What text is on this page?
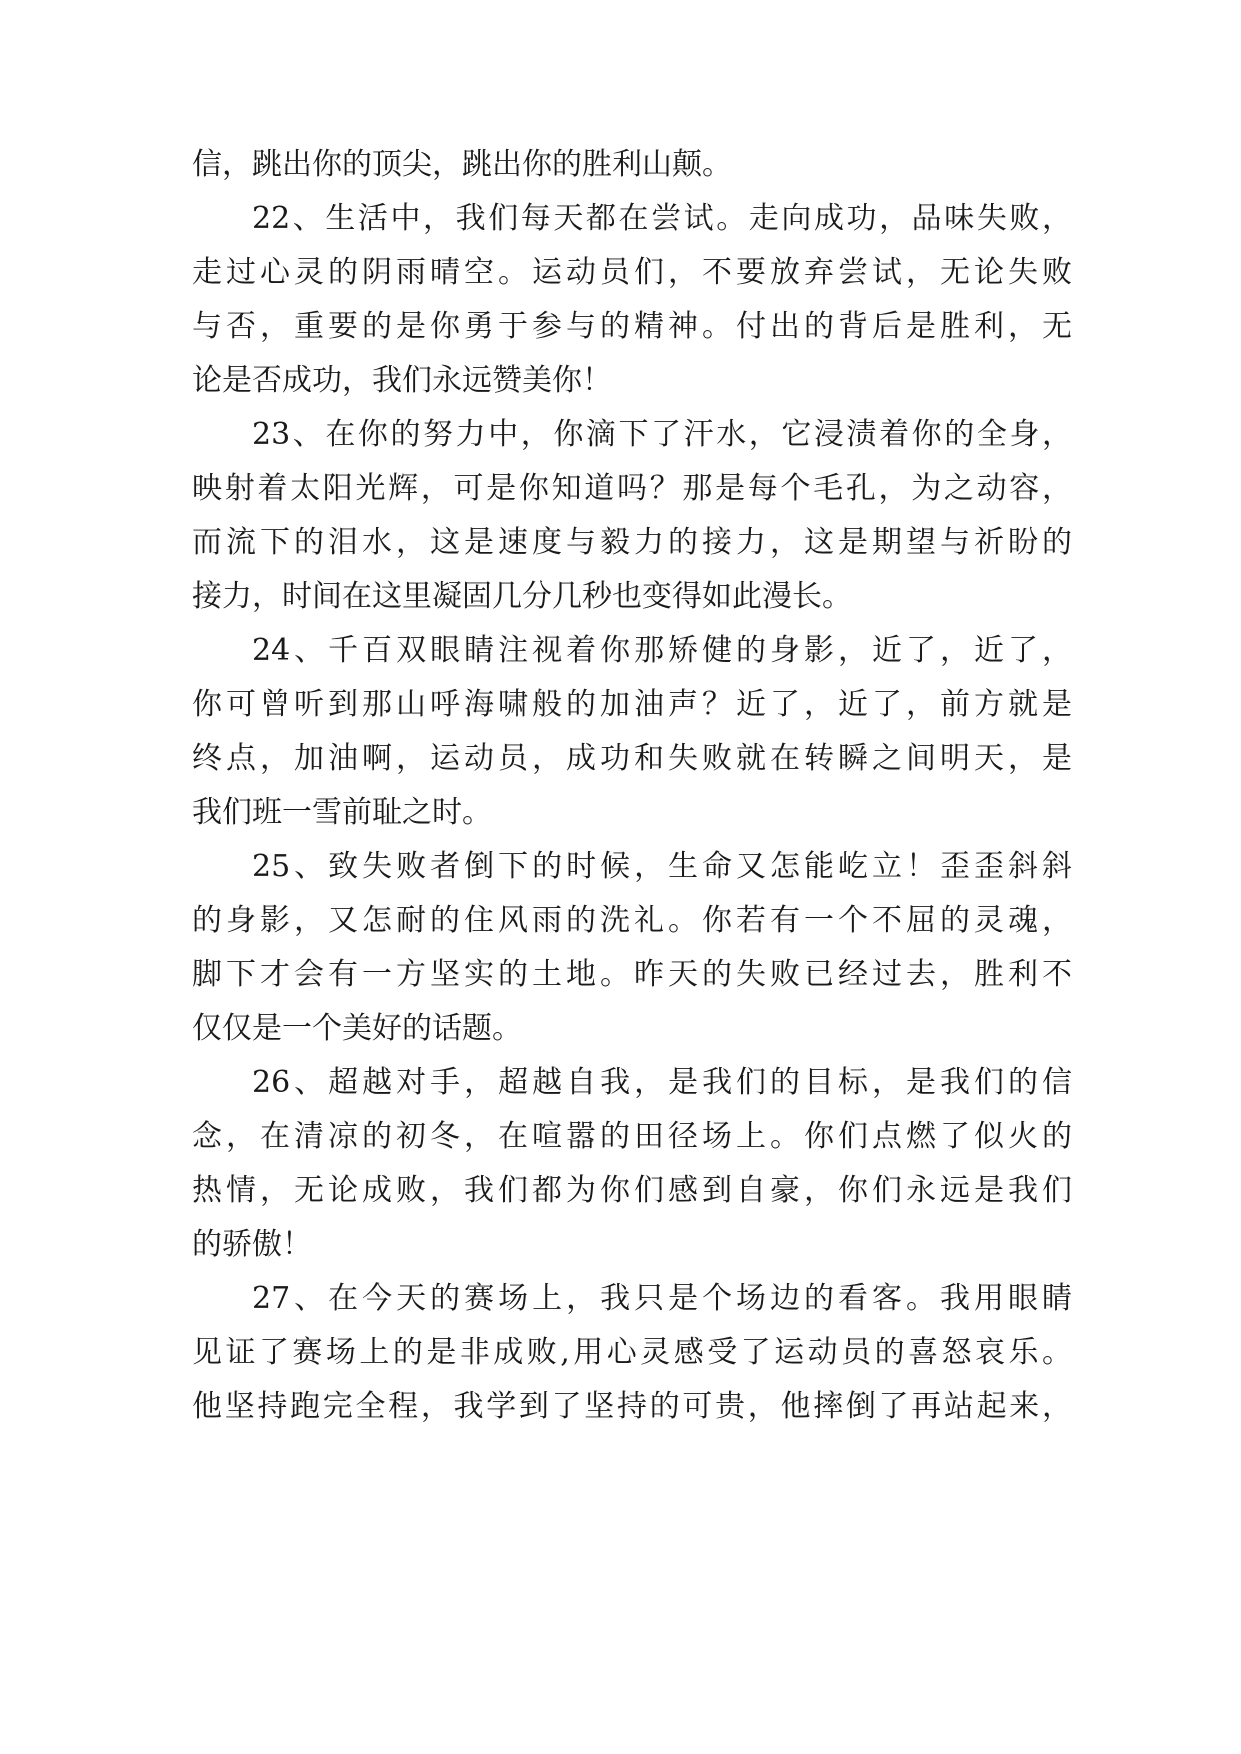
信，跳出你的顶尖，跳出你的胜利山颠。
22、生活中，我们每天都在尝试。走向成功，品味失败，
走过心灵的阴雨晴空。运动员们，不要放弃尝试，无论失败
与否，重要的是你勇于参与的精神。付出的背后是胜利，无
论是否成功，我们永远赞美你！
23、在你的努力中，你滴下了汗水，它浸渍着你的全身，
映射着太阳光辉，可是你知道吗？那是每个毛孔，为之动容，
而流下的泪水，这是速度与毅力的接力，这是期望与祈盼的
接力，时间在这里凝固几分几秒也变得如此漫长。
24、千百双眼睛注视着你那矫健的身影，近了，近了，
你可曾听到那山呼海啸般的加油声？近了，近了，前方就是
终点，加油啊，运动员，成功和失败就在转瞬之间明天，是
我们班一雪前耻之时。
25、致失败者倒下的时候，生命又怎能屹立！歪歪斜斜
的身影，又怎耐的住风雨的洗礼。你若有一个不屈的灵魂，
脚下才会有一方坚实的土地。昨天的失败已经过去，胜利不
仅仅是一个美好的话题。
26、超越对手，超越自我，是我们的目标，是我们的信
念，在清凉的初冬，在喧嚣的田径场上。你们点燃了似火的
热情，无论成败，我们都为你们感到自豪，你们永远是我们
的骄傲！
27、在今天的赛场上，我只是个场边的看客。我用眼睛
见证了赛场上的是非成败,用心灵感受了运动员的喜怒哀乐。
他坚持跑完全程，我学到了坚持的可贵，他摔倒了再站起来，
